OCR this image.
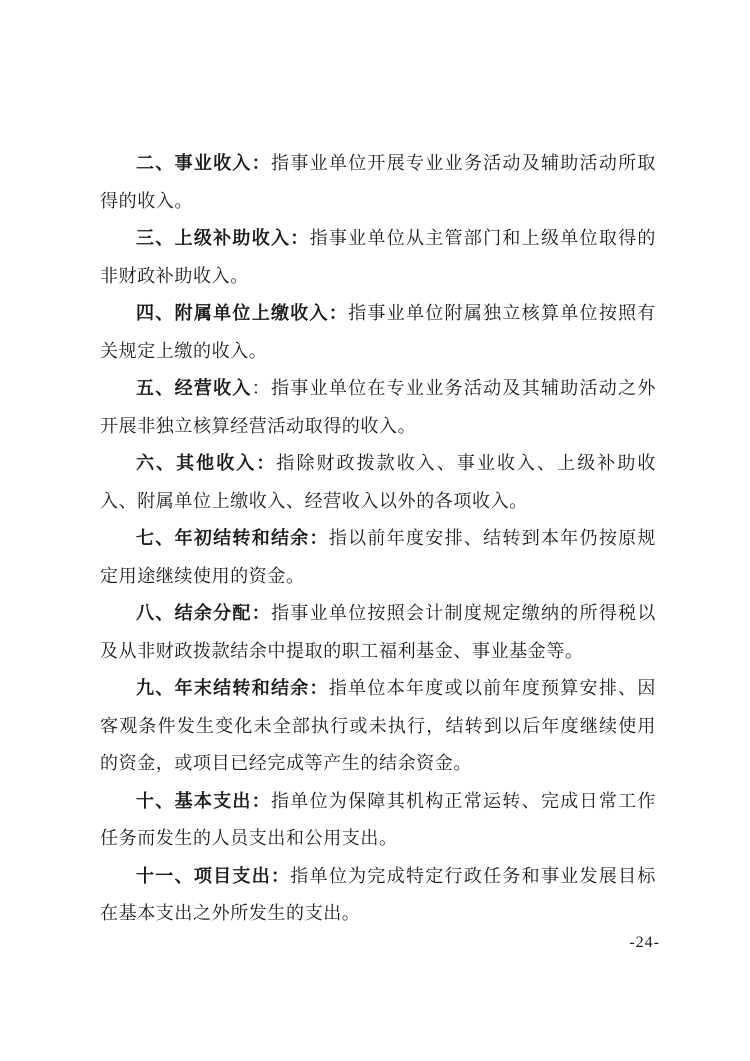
二、事业收入：指事业单位开展专业业务活动及辅助活动所取得的收入。

三、上级补助收入：指事业单位从主管部门和上级单位取得的非财政补助收入。

四、附属单位上缴收入：指事业单位附属独立核算单位按照有关规定上缴的收入。

五、经营收入：指事业单位在专业业务活动及其辅助活动之外开展非独立核算经营活动取得的收入。

六、其他收入：指除财政拨款收入、事业收入、上级补助收入、附属单位上缴收入、经营收入以外的各项收入。

七、年初结转和结余：指以前年度安排、结转到本年仍按原规定用途继续使用的资金。

八、结余分配：指事业单位按照会计制度规定缴纳的所得税以及从非财政拨款结余中提取的职工福利基金、事业基金等。

九、年末结转和结余：指单位本年度或以前年度预算安排、因客观条件发生变化未全部执行或未执行，结转到以后年度继续使用的资金，或项目已经完成等产生的结余资金。

十、基本支出：指单位为保障其机构正常运转、完成日常工作任务而发生的人员支出和公用支出。

十一、项目支出：指单位为完成特定行政任务和事业发展目标在基本支出之外所发生的支出。

-24-
